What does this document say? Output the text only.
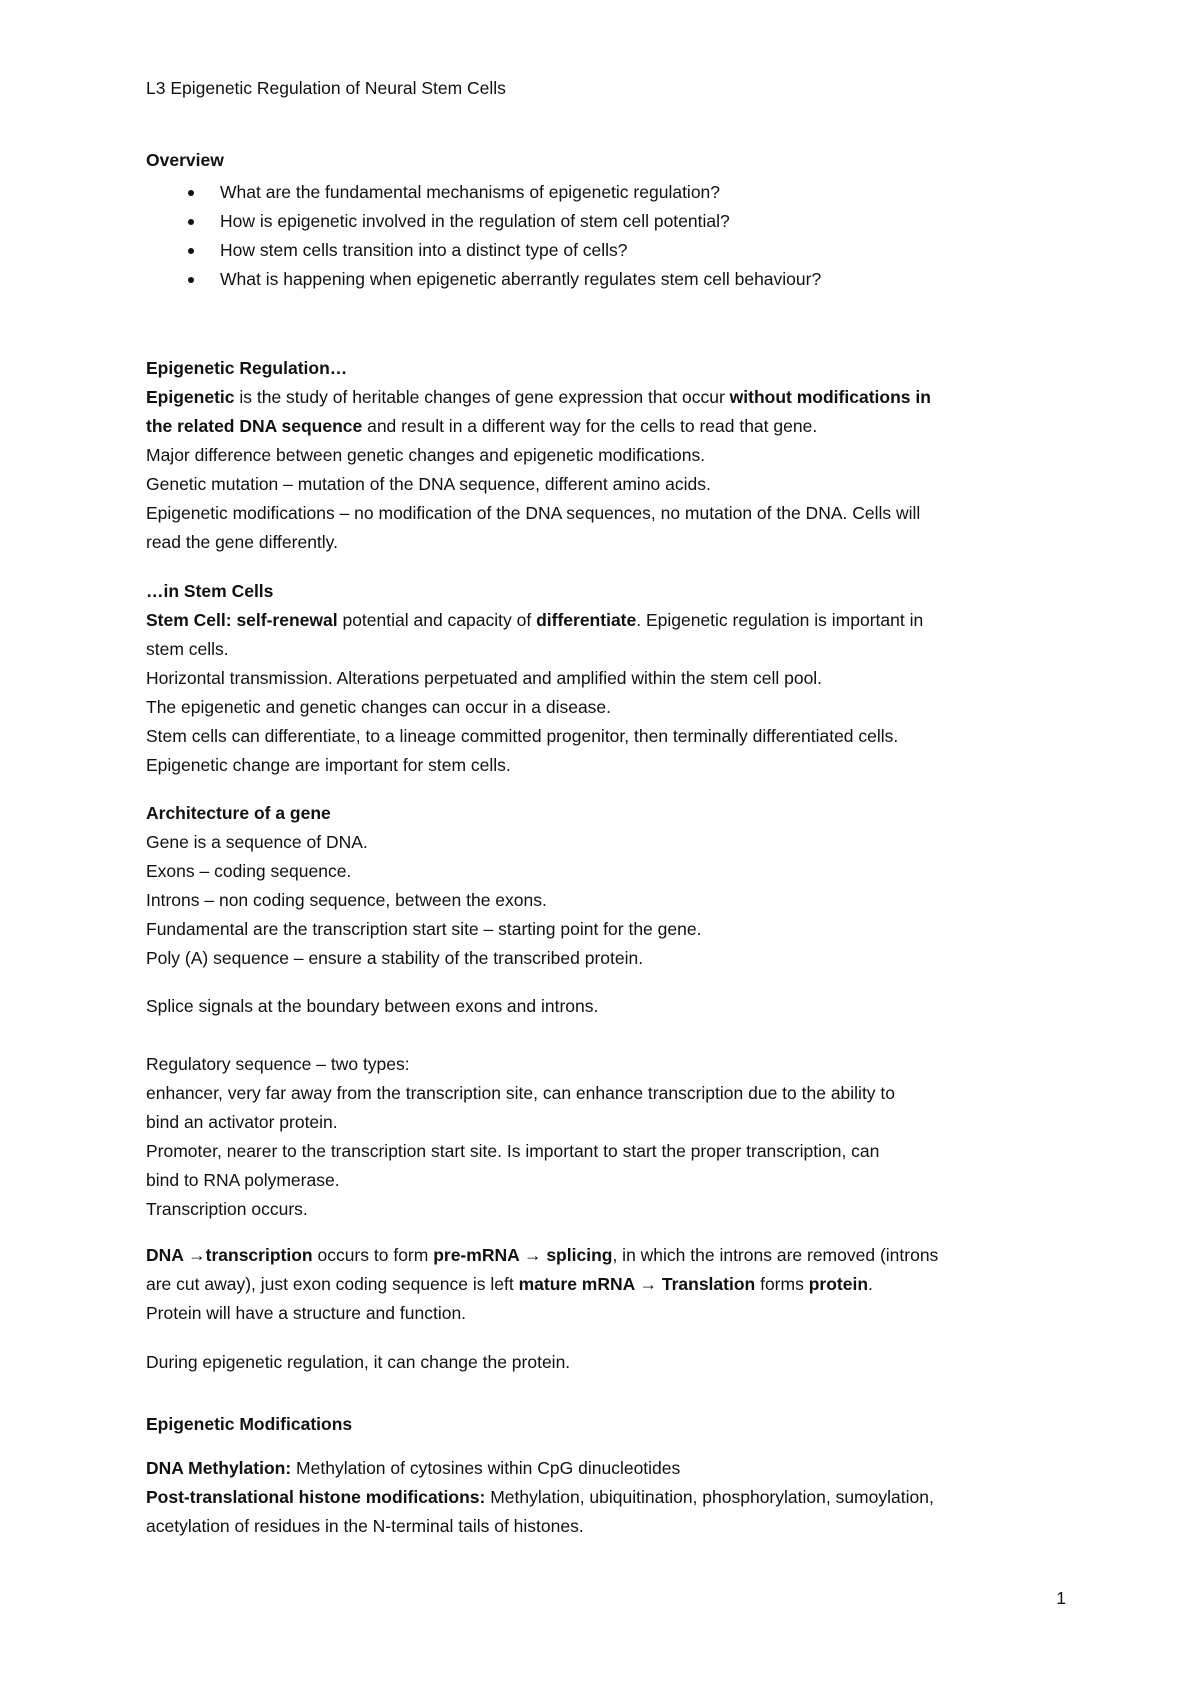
L3 Epigenetic Regulation of Neural Stem Cells
Overview
What are the fundamental mechanisms of epigenetic regulation?
How is epigenetic involved in the regulation of stem cell potential?
How stem cells transition into a distinct type of cells?
What is happening when epigenetic aberrantly regulates stem cell behaviour?
Epigenetic Regulation…
Epigenetic is the study of heritable changes of gene expression that occur without modifications in
the related DNA sequence and result in a different way for the cells to read that gene.
Major difference between genetic changes and epigenetic modifications.
Genetic mutation – mutation of the DNA sequence, different amino acids.
Epigenetic modifications – no modification of the DNA sequences, no mutation of the DNA. Cells will
read the gene differently.
…in Stem Cells
Stem Cell: self-renewal potential and capacity of differentiate. Epigenetic regulation is important in
stem cells.
Horizontal transmission. Alterations perpetuated and amplified within the stem cell pool.
The epigenetic and genetic changes can occur in a disease.
Stem cells can differentiate, to a lineage committed progenitor, then terminally differentiated cells.
Epigenetic change are important for stem cells.
Architecture of a gene
Gene is a sequence of DNA.
Exons – coding sequence.
Introns – non coding sequence, between the exons.
Fundamental are the transcription start site – starting point for the gene.
Poly (A) sequence – ensure a stability of the transcribed protein.
Splice signals at the boundary between exons and introns.
Regulatory sequence – two types:
enhancer, very far away from the transcription site, can enhance transcription due to the ability to
bind an activator protein.
Promoter, nearer to the transcription start site. Is important to start the proper transcription, can
bind to RNA polymerase.
Transcription occurs.
DNA →transcription occurs to form pre-mRNA → splicing, in which the introns are removed (introns
are cut away), just exon coding sequence is left mature mRNA → Translation forms protein.
Protein will have a structure and function.
During epigenetic regulation, it can change the protein.
Epigenetic Modifications
DNA Methylation: Methylation of cytosines within CpG dinucleotides
Post-translational histone modifications: Methylation, ubiquitination, phosphorylation, sumoylation,
acetylation of residues in the N-terminal tails of histones.
1
